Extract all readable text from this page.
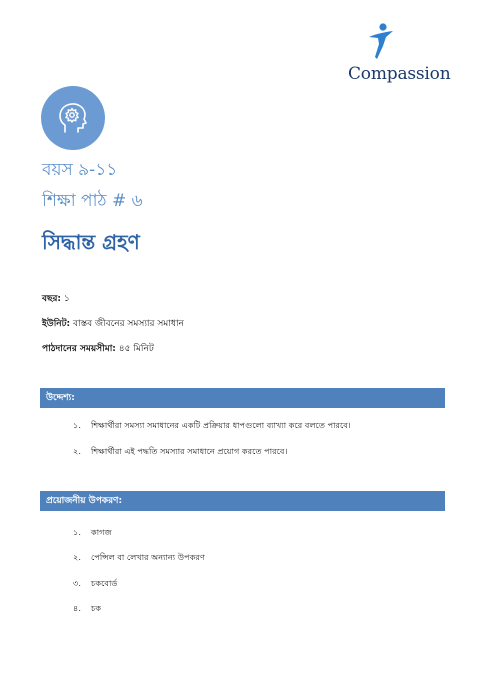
Compassion
বয়স ৯-১১
শিক্ষা পাঠ # ৬
সিদ্ধান্ত গ্রহণ
বছর: ১
ইউনিট: বাস্তব জীবনের সমস্যার সমাধান
পাঠদানের সময়সীমা: ৪৫ মিনিট
উদ্দেশ্য:
১. শিক্ষার্থীরা সমস্যা সমাধানের একটি প্রক্রিয়ার ধাপগুলো ব্যাখ্যা করে বলতে পারবে।
২. শিক্ষার্থীরা এই পদ্ধতি সমস্যার সমাধানে প্রয়োগ করতে পারবে।
প্রয়োজনীয় উপকরণ:
১. কাগজ
২. পেন্সিল বা লেখার অন্যান্য উপকরণ
৩. চকবোর্ড
৪. চক
